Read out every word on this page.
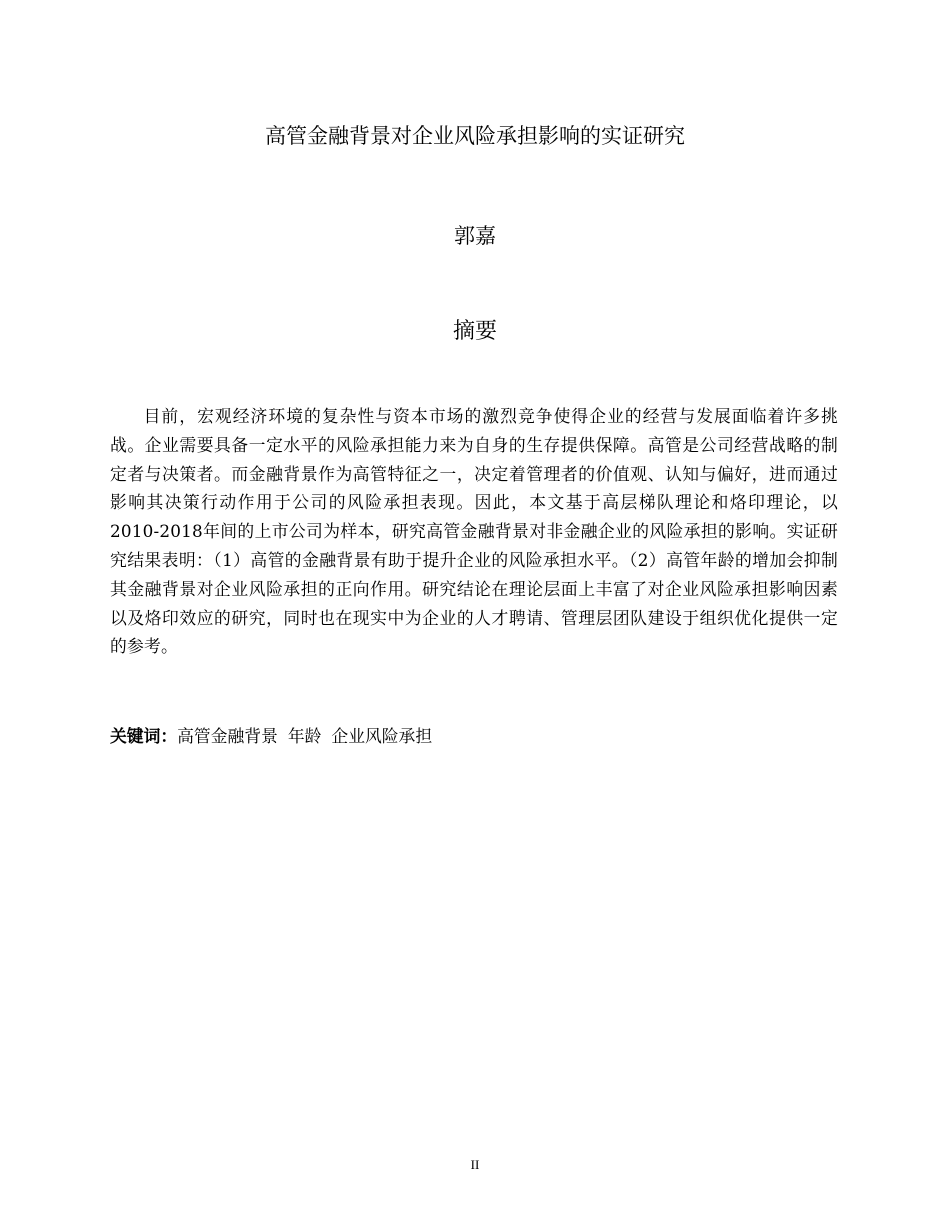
高管金融背景对企业风险承担影响的实证研究
郭嘉
摘要

目前，宏观经济环境的复杂性与资本市场的激烈竞争使得企业的经营与发展面临着许多挑战。企业需要具备一定水平的风险承担能力来为自身的生存提供保障。高管是公司经营战略的制定者与决策者。而金融背景作为高管特征之一，决定着管理者的价值观、认知与偏好，进而通过影响其决策行动作用于公司的风险承担表现。因此，本文基于高层梯队理论和烙印理论，以2010-2018年间的上市公司为样本，研究高管金融背景对非金融企业的风险承担的影响。实证研究结果表明：（1）高管的金融背景有助于提升企业的风险承担水平。（2）高管年龄的增加会抑制其金融背景对企业风险承担的正向作用。研究结论在理论层面上丰富了对企业风险承担影响因素以及烙印效应的研究，同时也在现实中为企业的人才聘请、管理层团队建设于组织优化提供一定的参考。

关键词：高管金融背景 年龄 企业风险承担
II
